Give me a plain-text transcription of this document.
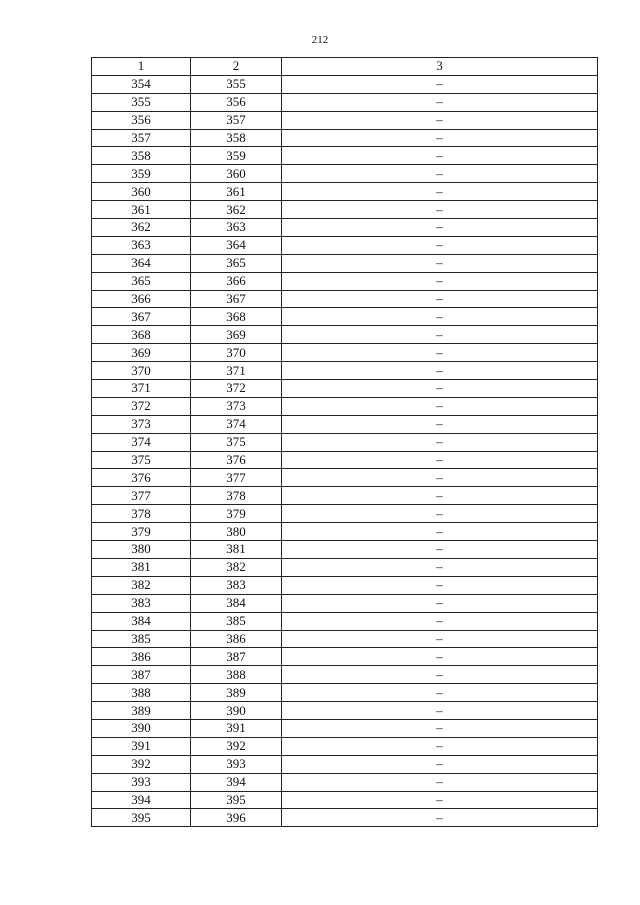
212
1	2	3
354	355	–
355	356	–
356	357	–
357	358	–
358	359	–
359	360	–
360	361	–
361	362	–
362	363	–
363	364	–
364	365	–
365	366	–
366	367	–
367	368	–
368	369	–
369	370	–
370	371	–
371	372	–
372	373	–
373	374	–
374	375	–
375	376	–
376	377	–
377	378	–
378	379	–
379	380	–
380	381	–
381	382	–
382	383	–
383	384	–
384	385	–
385	386	–
386	387	–
387	388	–
388	389	–
389	390	–
390	391	–
391	392	–
392	393	–
393	394	–
394	395	–
395	396	–
